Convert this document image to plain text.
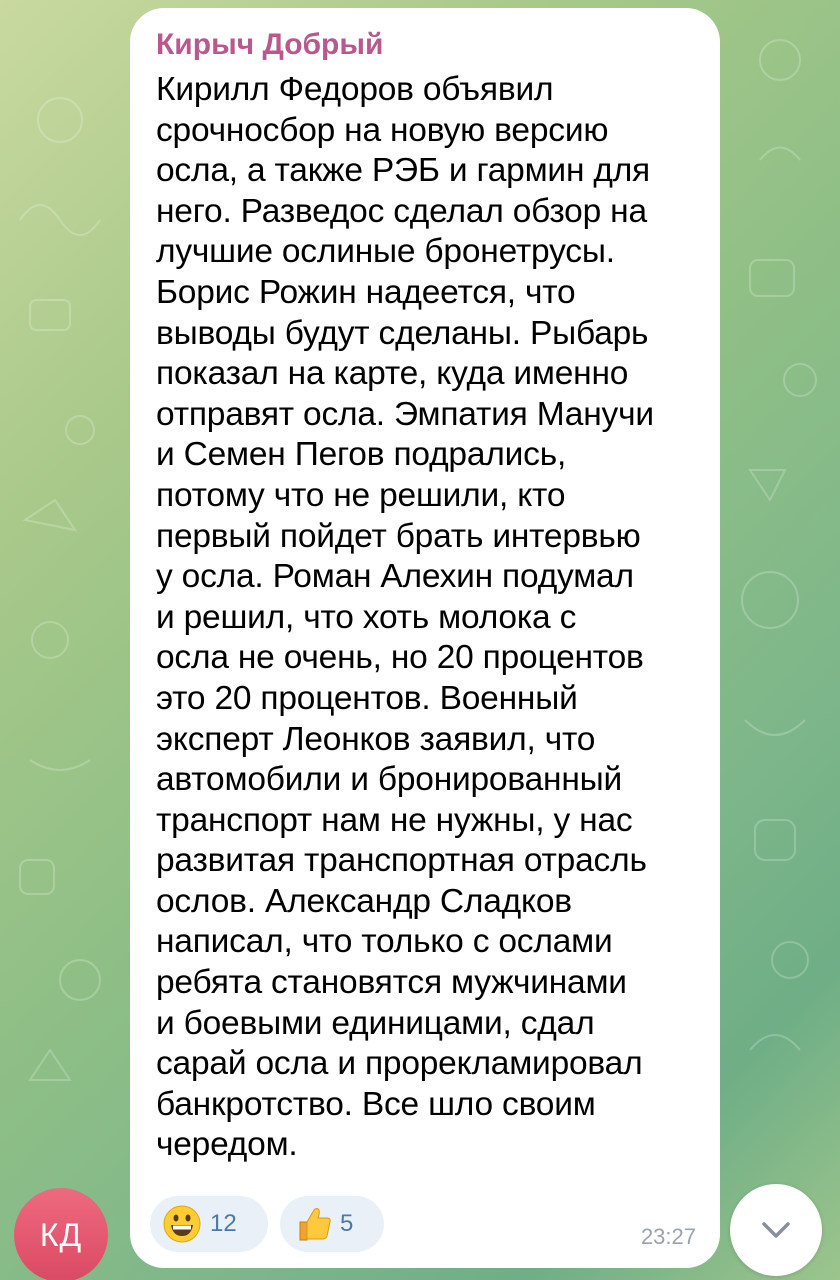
Кирыч Добрый
Кирилл Федоров объявил
срочносбор на новую версию
осла, а также РЭБ и гармин для
него. Разведос сделал обзор на
лучшие ослиные бронетрусы.
Борис Рожин надеется, что
выводы будут сделаны. Рыбарь
показал на карте, куда именно
отправят осла. Эмпатия Манучи
и Семен Пегов подрались,
потому что не решили, кто
первый пойдет брать интервью
у осла. Роман Алехин подумал
и решил, что хоть молока с
осла не очень, но 20 процентов
это 20 процентов. Военный
эксперт Леонков заявил, что
автомобили и бронированный
транспорт нам не нужны, у нас
развитая транспортная отрасль
ослов. Александр Сладков
написал, что только с ослами
ребята становятся мужчинами
и боевыми единицами, сдал
сарай осла и прорекламировал
банкротство. Все шло своим
чередом.
12	5	23:27
КД
